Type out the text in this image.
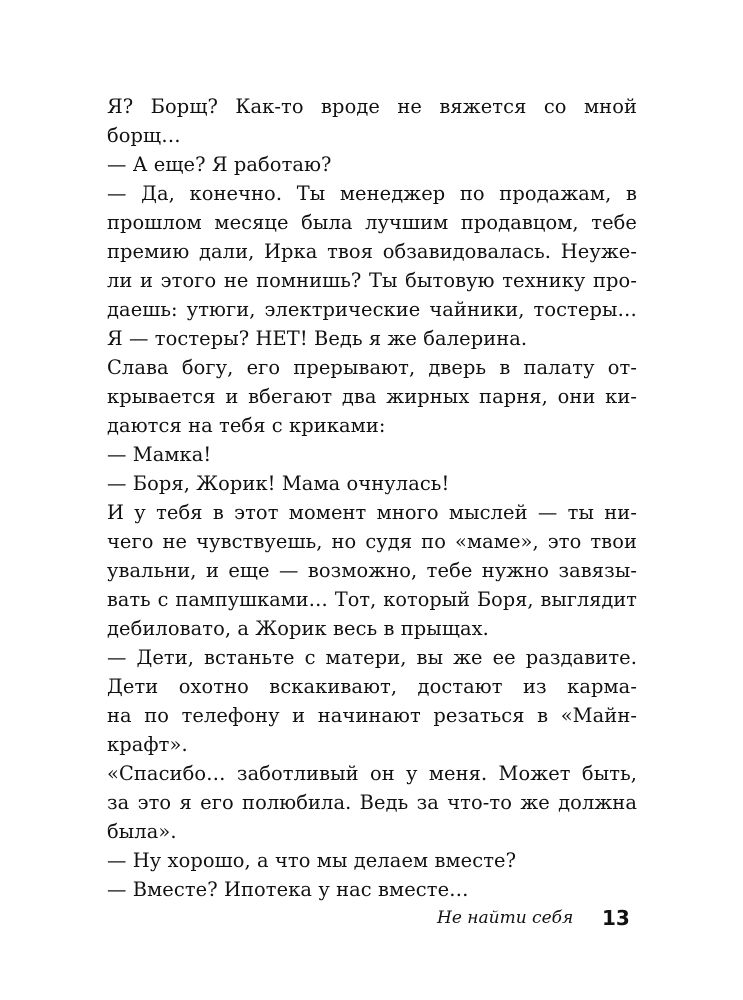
Я? Борщ? Как-то вроде не вяжется со мной
борщ…
— А еще? Я работаю?
— Да, конечно. Ты менеджер по продажам, в
прошлом месяце была лучшим продавцом, тебе
премию дали, Ирка твоя обзавидовалась. Неуже-
ли и этого не помнишь? Ты бытовую технику про-
даешь: утюги, электрические чайники, тостеры…
Я — тостеры? НЕТ! Ведь я же балерина.
Слава богу, его прерывают, дверь в палату от-
крывается и вбегают два жирных парня, они ки-
даются на тебя с криками:
— Мамка!
— Боря, Жорик! Мама очнулась!
И у тебя в этот момент много мыслей — ты ни-
чего не чувствуешь, но судя по «маме», это твои
увальни, и еще — возможно, тебе нужно завязы-
вать с пампушками… Тот, который Боря, выглядит
дебиловато, а Жорик весь в прыщах.
— Дети, встаньте с матери, вы же ее раздавите.
Дети охотно вскакивают, достают из карма-
на по телефону и начинают резаться в «Майн-
крафт».
«Спасибо… заботливый он у меня. Может быть,
за это я его полюбила. Ведь за что-то же должна
была».
— Ну хорошо, а что мы делаем вместе?
— Вместе? Ипотека у нас вместе…
Не найти себя 13
